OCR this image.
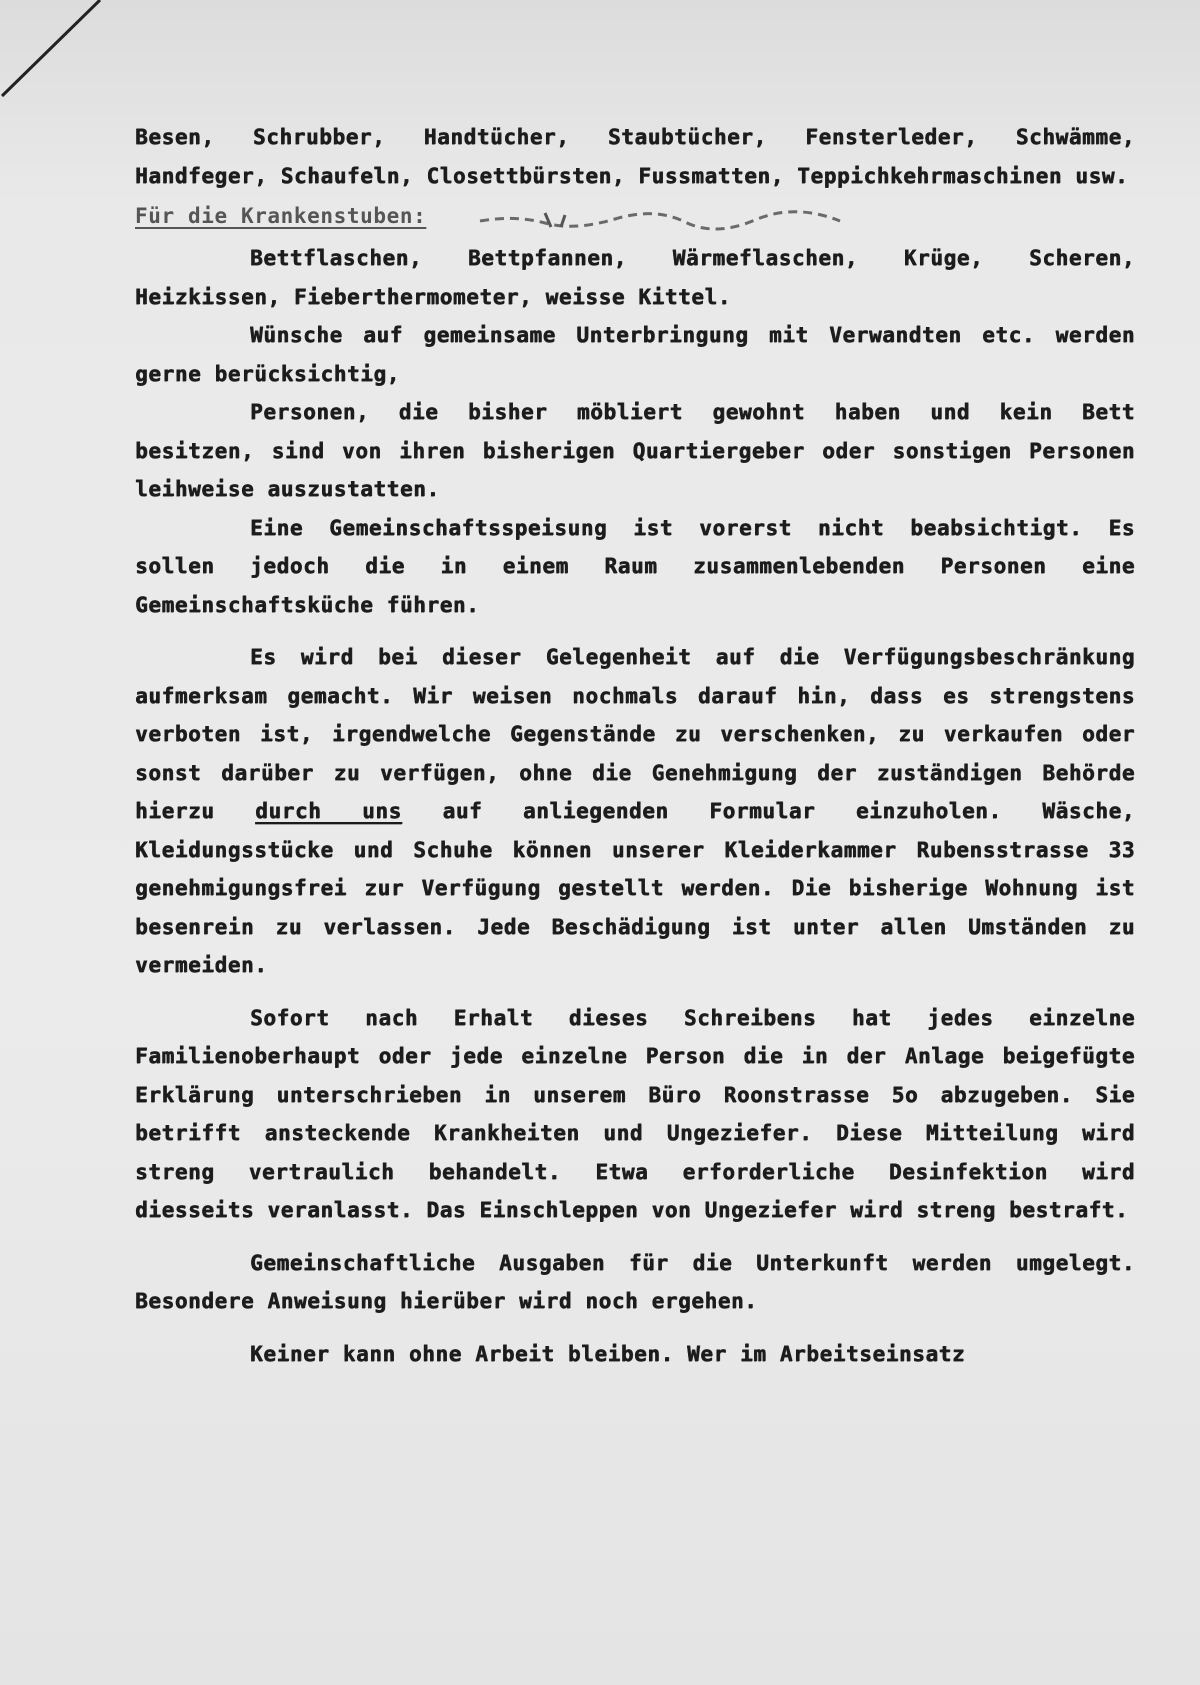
Besen, Schrubber, Handtücher, Staubtücher, Fensterleder, Schwämme, Handfeger, Schaufeln, Closettbürsten, Fussmatten, Teppichkehrmaschinen usw.

Für die Krankenstuben:

Bettflaschen, Bettpfannen, Wärmeflaschen, Krüge, Scheren, Heizkissen, Fieberthermometer, weisse Kittel.

Wünsche auf gemeinsame Unterbringung mit Verwandten etc. werden gerne berücksichtig,

Personen, die bisher möbliert gewohnt haben und kein Bett besitzen, sind von ihren bisherigen Quartiergeber oder sonstigen Personen leihweise auszustatten.

Eine Gemeinschaftsspeisung ist vorerst nicht beabsichtigt. Es sollen jedoch die in einem Raum zusammenlebenden Personen eine Gemeinschaftsküche führen.

Es wird bei dieser Gelegenheit auf die Verfügungsbeschränkung aufmerksam gemacht. Wir weisen nochmals darauf hin, dass es strengstens verboten ist, irgendwelche Gegenstände zu verschenken, zu verkaufen oder sonst darüber zu verfügen, ohne die Genehmigung der zuständigen Behörde hierzu durch uns auf anliegenden Formular einzuholen. Wäsche, Kleidungsstücke und Schuhe können unserer Kleiderkammer Rubensstrasse 33 genehmigungsfrei zur Verfügung gestellt werden. Die bisherige Wohnung ist besenrein zu verlassen. Jede Beschädigung ist unter allen Umständen zu vermeiden.

Sofort nach Erhalt dieses Schreibens hat jedes einzelne Familienoberhaupt oder jede einzelne Person die in der Anlage beigefügte Erklärung unterschrieben in unserem Büro Roonstrasse 5o abzugeben. Sie betrifft ansteckende Krankheiten und Ungeziefer. Diese Mitteilung wird streng vertraulich behandelt. Etwa erforderliche Desinfektion wird diesseits veranlasst. Das Einschleppen von Ungeziefer wird streng bestraft.

Gemeinschaftliche Ausgaben für die Unterkunft werden umgelegt. Besondere Anweisung hierüber wird noch ergehen.

Keiner kann ohne Arbeit bleiben. Wer im Arbeitseinsatz
